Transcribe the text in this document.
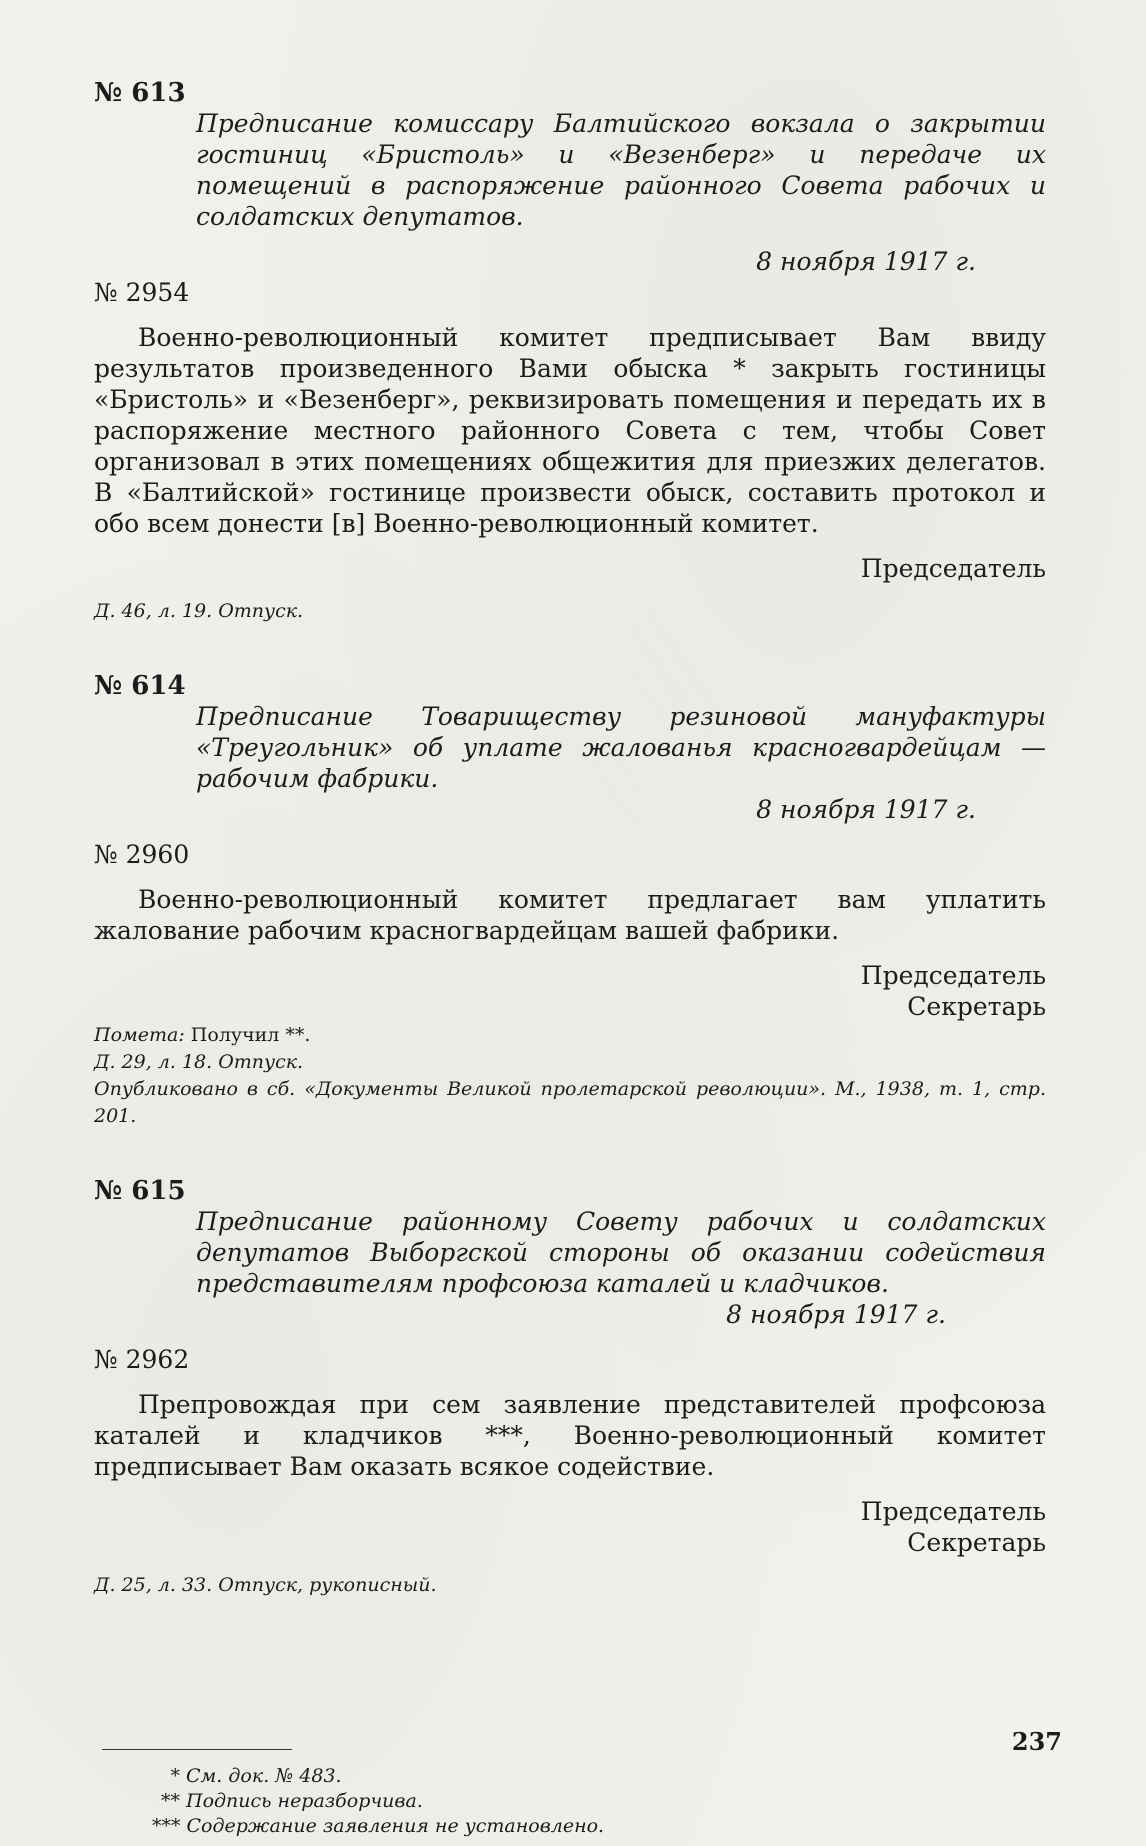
№ 613

Предписание комиссару Балтийского вокзала о закрытии гостиниц «Бристоль» и «Везенберг» и передаче их помещений в распоряжение районного Совета рабочих и солдатских депутатов.

8 ноября 1917 г.

№ 2954

Военно-революционный комитет предписывает Вам ввиду результатов произведенного Вами обыска * закрыть гостиницы «Бристоль» и «Везенберг», реквизировать помещения и передать их в распоряжение местного районного Совета с тем, чтобы Совет организовал в этих помещениях общежития для приезжих делегатов. В «Балтийской» гостинице произвести обыск, составить протокол и обо всем донести [в] Военно-революционный комитет.

Председатель

Д. 46, л. 19. Отпуск.

№ 614

Предписание Товариществу резиновой мануфактуры «Треугольник» об уплате жалованья красногвардейцам — рабочим фабрики.

8 ноября 1917 г.

№ 2960

Военно-революционный комитет предлагает вам уплатить жалование рабочим красногвардейцам вашей фабрики.

Председатель
Секретарь

Пометa: Получил **.

Д. 29, л. 18. Отпуск.

Опубликовано в сб. «Документы Великой пролетарской революции». М., 1938, т. 1, стр. 201.

№ 615

Предписание районному Совету рабочих и солдатских депутатов Выборгской стороны об оказании содействия представителям профсоюза катaлей и кладчиков.

8 ноября 1917 г.

№ 2962

Препровождая при сем заявление представителей профсоюза каталей и кладчиков ***, Военно-революционный комитет предписывает Вам оказать всякое содействие.

Председатель
Секретарь

Д. 25, л. 33. Отпуск, рукописный.

* См. док. № 483.

** Подпись неразборчива.

*** Содержание заявления не установлено.

237
